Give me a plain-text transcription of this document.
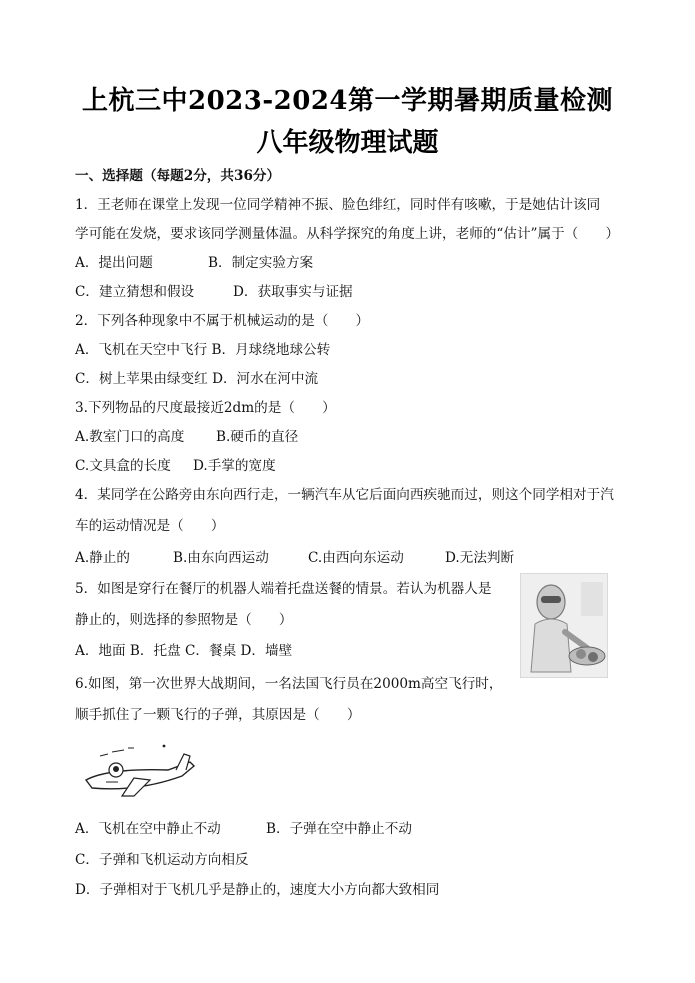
上杭三中2023-2024第一学期暑期质量检测
八年级物理试题
一、选择题（每题2分，共36分）
1．王老师在课堂上发现一位同学精神不振、脸色绯红，同时伴有咳嗽，于是她估计该同
学可能在发烧，要求该同学测量体温。从科学探究的角度上讲，老师的“估计”属于（　　）
A．提出问题	B．制定实验方案
C．建立猜想和假设	D．获取事实与证据
2．下列各种现象中不属于机械运动的是（　　）
A．飞机在天空中飞行 B．月球绕地球公转
C．树上苹果由绿变红 D．河水在河中流
3.下列物品的尺度最接近2dm的是（　　）
A.教室门口的高度 B.硬币的直径
C.文具盒的长度 D.手掌的宽度
4．某同学在公路旁由东向西行走，一辆汽车从它后面向西疾驰而过，则这个同学相对于汽
车的运动情况是（　　）
A.静止的	B.由东向西运动	C.由西向东运动	D.无法判断
5．如图是穿行在餐厅的机器人端着托盘送餐的情景。若认为机器人是
静止的，则选择的参照物是（　　）
A．地面 B．托盘 C．餐桌 D．墙壁
6.如图，第一次世界大战期间，一名法国飞行员在2000m高空飞行时，
顺手抓住了一颗飞行的子弹，其原因是（　　）
A．飞机在空中静止不动	B．子弹在空中静止不动
C．子弹和飞机运动方向相反
D．子弹相对于飞机几乎是静止的，速度大小方向都大致相同
